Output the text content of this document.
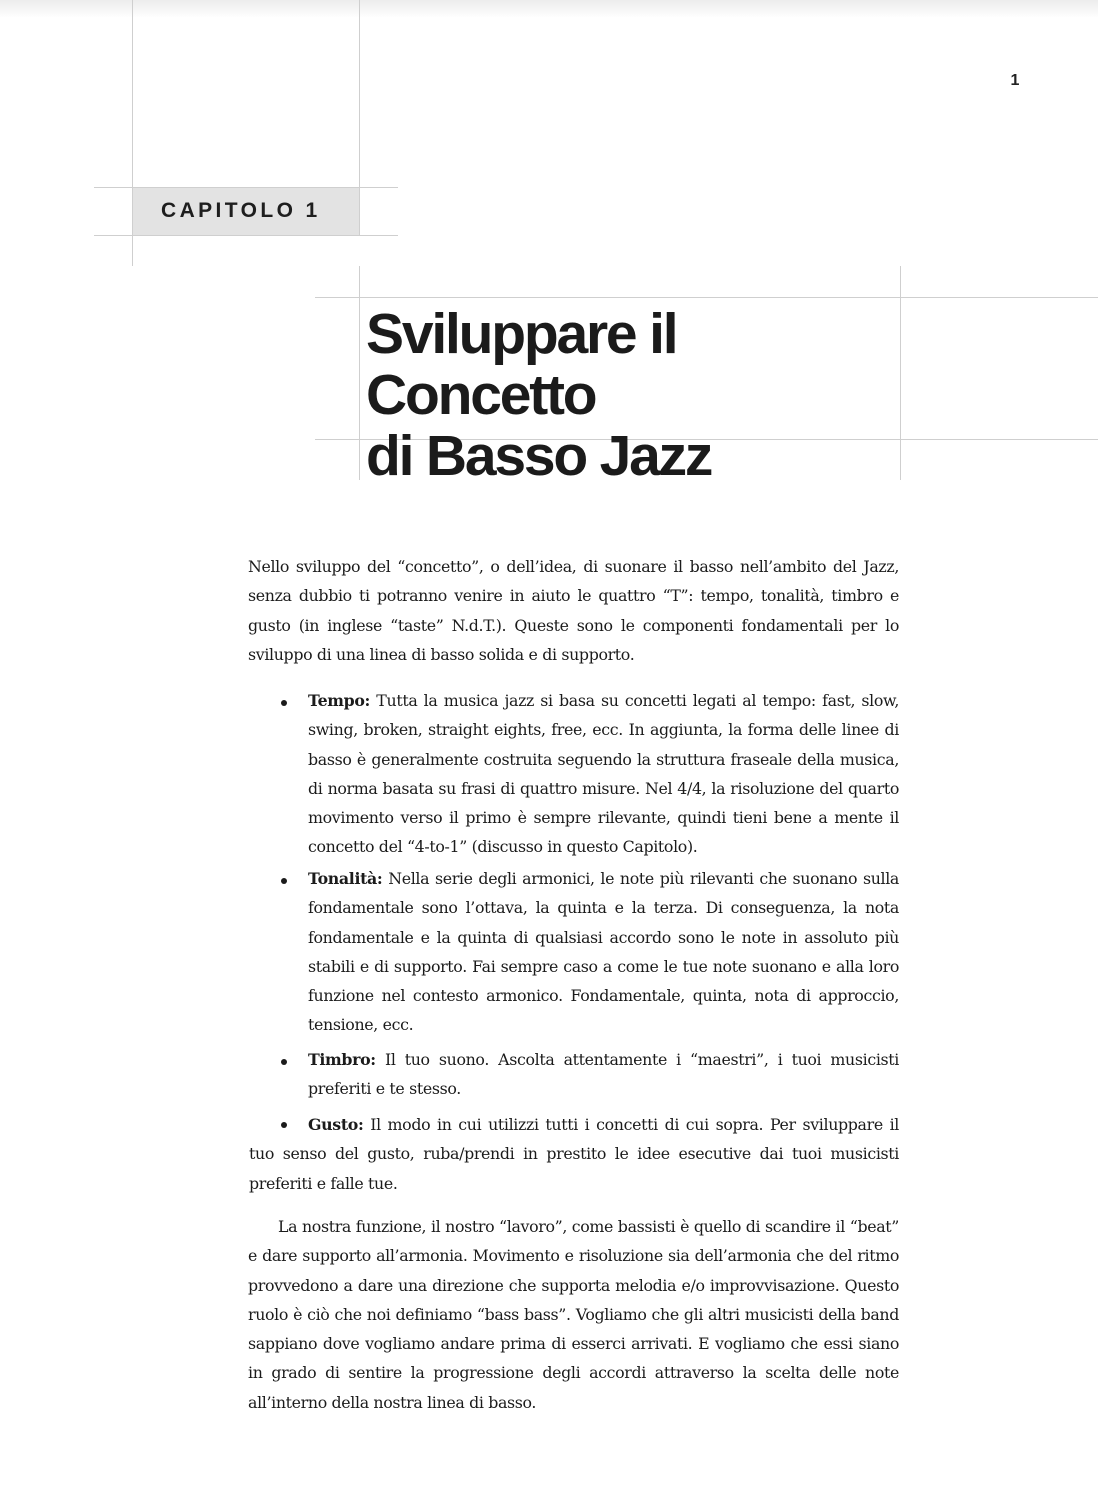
1
CAPITOLO 1
Sviluppare il Concetto
di Basso Jazz

Nello sviluppo del “concetto”, o dell’idea, di suonare il basso nell’ambito del Jazz, senza dubbio ti potranno venire in aiuto le quattro “T”: tempo, tonalità, timbro e gusto (in inglese “taste” N.d.T.). Queste sono le componenti fondamentali per lo sviluppo di una linea di basso solida e di supporto.

Tempo: Tutta la musica jazz si basa su concetti legati al tempo: fast, slow, swing, broken, straight eights, free, ecc. In aggiunta, la forma delle linee di basso è generalmente costruita seguendo la struttura fraseale della musica, di norma basata su frasi di quattro misure. Nel 4/4, la risoluzione del quarto movimento verso il primo è sempre rilevante, quindi tieni bene a mente il concetto del “4-to-1” (discusso in questo Capitolo).
Tonalità: Nella serie degli armonici, le note più rilevanti che suonano sulla fondamentale sono l’ottava, la quinta e la terza. Di conseguenza, la nota fondamentale e la quinta di qualsiasi accordo sono le note in assoluto più stabili e di supporto. Fai sempre caso a come le tue note suonano e alla loro funzione nel contesto armonico. Fondamentale, quinta, nota di approccio, tensione, ecc.
Timbro: Il tuo suono. Ascolta attentamente i “maestri”, i tuoi musicisti preferiti e te stesso.

Gusto: Il modo in cui utilizzi tutti i concetti di cui sopra. Per sviluppare il tuo senso del gusto, ruba/prendi in prestito le idee esecutive dai tuoi musicisti preferiti e falle tue.

La nostra funzione, il nostro “lavoro”, come bassisti è quello di scandire il “beat” e dare supporto all’armonia. Movimento e risoluzione sia dell’armonia che del ritmo provvedono a dare una direzione che supporta melodia e/o improvvisazione. Questo ruolo è ciò che noi definiamo “bass bass”. Vogliamo che gli altri musicisti della band sappiano dove vogliamo andare prima di esserci arrivati. E vogliamo che essi siano in grado di sentire la progressione degli accordi attraverso la scelta delle note all’interno della nostra linea di basso.
